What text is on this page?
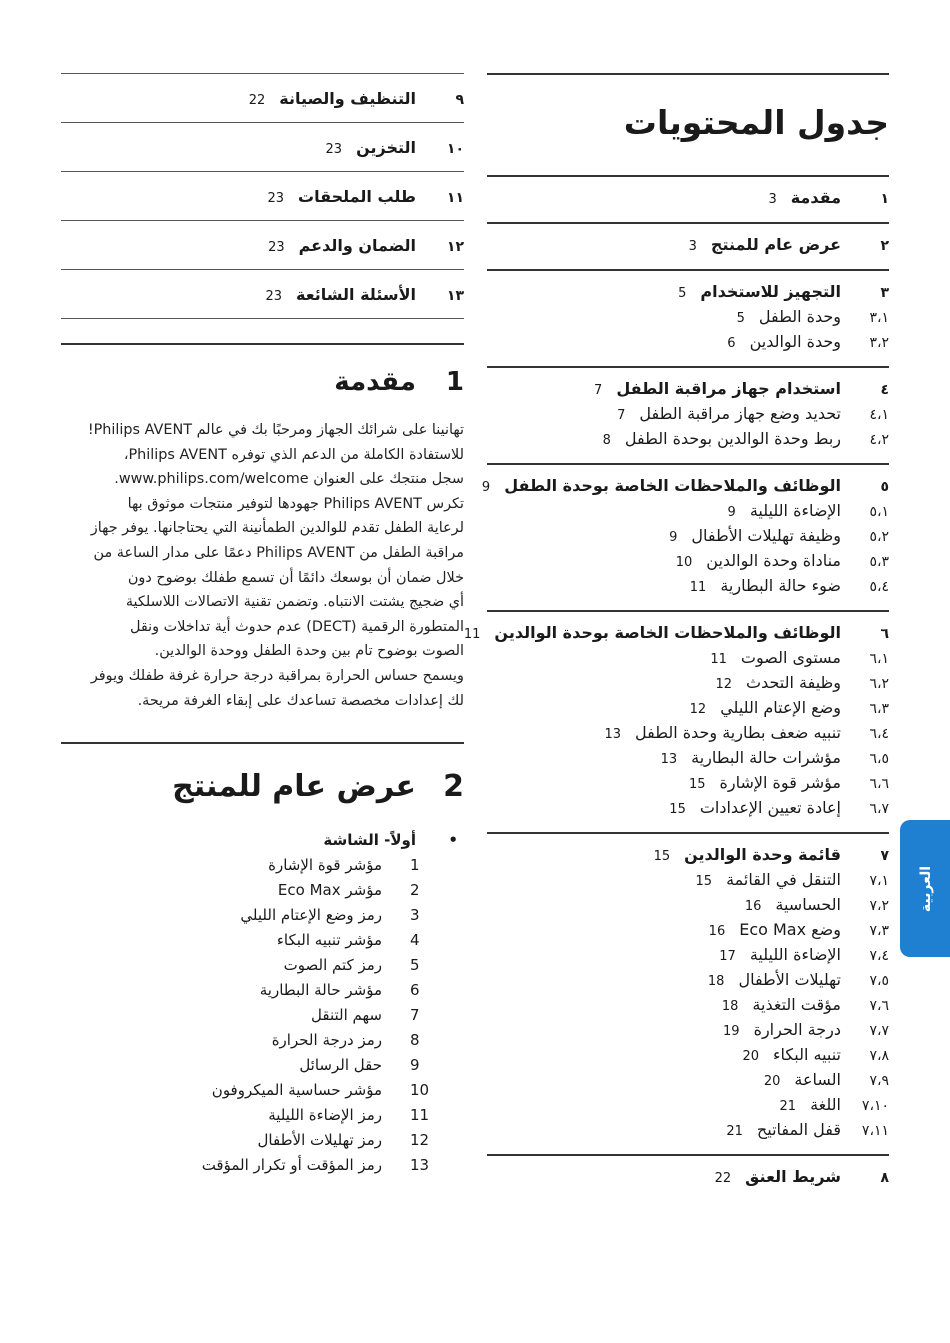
جدول المحتويات
١
مقدمة
3
٢
عرض عام للمنتج
3
٣
التجهيز للاستخدام
5
٣،١
وحدة الطفل
5
٣،٢
وحدة الوالدين
6
٤
استخدام جهاز مراقبة الطفل
7
٤،١
تحديد وضع جهاز مراقبة الطفل
7
٤،٢
ربط وحدة الوالدين بوحدة الطفل
8
٥
الوظائف والملاحظات الخاصة بوحدة الطفل
9
٥،١
الإضاءة الليلية
9
٥،٢
وظيفة تهليلات الأطفال
9
٥،٣
مناداة وحدة الوالدين
10
٥،٤
ضوء حالة البطارية
11
٦
الوظائف والملاحظات الخاصة بوحدة الوالدين
11
٦،١
مستوى الصوت
11
٦،٢
وظيفة التحدث
12
٦،٣
وضع الإعتام الليلي
12
٦،٤
تنبيه ضعف بطارية وحدة الطفل
13
٦،٥
مؤشرات حالة البطارية
13
٦،٦
مؤشر قوة الإشارة
15
٦،٧
إعادة تعيين الإعدادات
15
٧
قائمة وحدة الوالدين
15
٧،١
التنقل في القائمة
15
٧،٢
الحساسية
16
٧،٣
وضع Eco Max
16
٧،٤
الإضاءة الليلية
17
٧،٥
تهليلات الأطفال
18
٧،٦
مؤقت التغذية
18
٧،٧
درجة الحرارة
19
٧،٨
تنبيه البكاء
20
٧،٩
الساعة
20
٧،١٠
اللغة
21
٧،١١
قفل المفاتيح
21
٨
شريط العنق
22
٩
التنظيف والصيانة
22
١٠
التخزين
23
١١
طلب الملحقات
23
١٢
الضمان والدعم
23
١٣
الأسئلة الشائعة
23
1
مقدمة

تهانينا على شرائك الجهاز ومرحبًا بك في عالم Philips AVENT!

للاستفادة الكاملة من الدعم الذي توفره Philips AVENT،

سجل منتجك على العنوان www.philips.com/welcome.

تكرس Philips AVENT جهودها لتوفير منتجات موثوق بها

لرعاية الطفل تقدم للوالدين الطمأنينة التي يحتاجانها. يوفر جهاز

مراقبة الطفل من Philips AVENT دعمًا على مدار الساعة من

خلال ضمان أن بوسعك دائمًا أن تسمع طفلك بوضوح دون

أي ضجيج يشتت الانتباه. وتضمن تقنية الاتصالات اللاسلكية

المتطورة الرقمية (DECT) عدم حدوث أية تداخلات ونقل

الصوت بوضوح تام بين وحدة الطفل ووحدة الوالدين.

ويسمح حساس الحرارة بمراقبة درجة حرارة غرفة طفلك ويوفر

لك إعدادات مخصصة تساعدك على إبقاء الغرفة مريحة.

2
عرض عام للمنتج
•
أولاً- الشاشة
1
مؤشر قوة الإشارة
2
مؤشر Eco Max
3
رمز وضع الإعتام الليلي
4
مؤشر تنبيه البكاء
5
رمز كتم الصوت
6
مؤشر حالة البطارية
7
سهم التنقل
8
رمز درجة الحرارة
9
حقل الرسائل
10
مؤشر حساسية الميكروفون
11
رمز الإضاءة الليلية
12
رمز تهليلات الأطفال
13
رمز المؤقت أو تكرار المؤقت
العربية
